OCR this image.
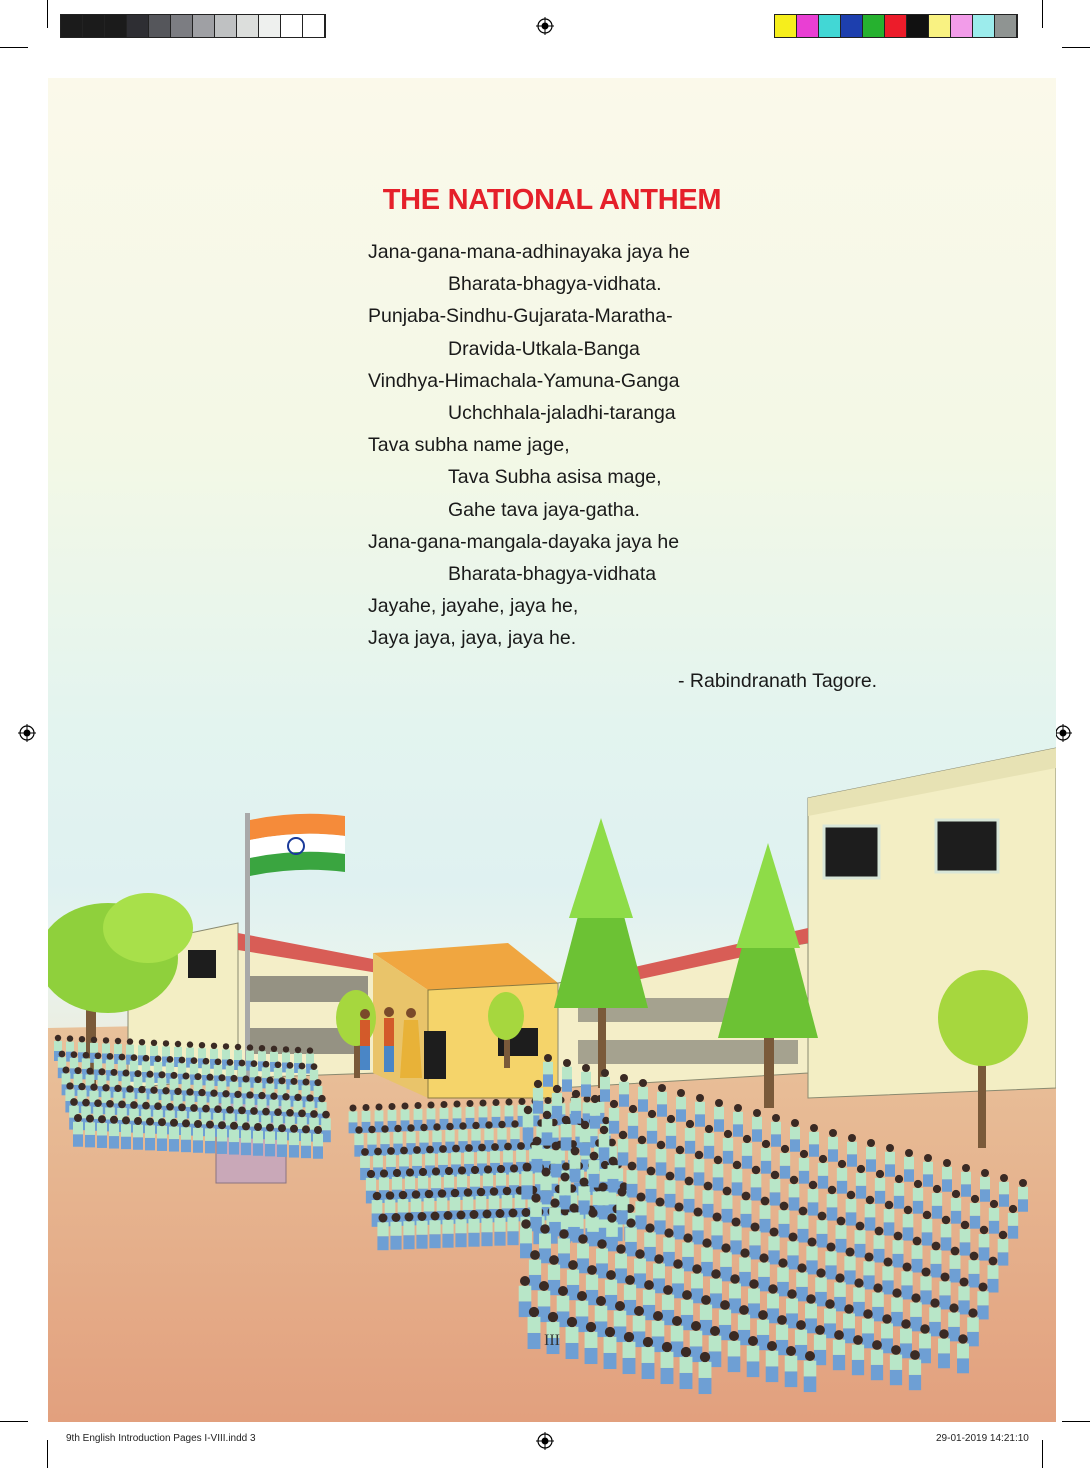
THE NATIONAL ANTHEM
Jana-gana-mana-adhinayaka jaya he
Bharata-bhagya-vidhata.
Punjaba-Sindhu-Gujarata-Maratha-
Dravida-Utkala-Banga
Vindhya-Himachala-Yamuna-Ganga
Uchchhala-jaladhi-taranga
Tava subha name jage,
Tava Subha asisa mage,
Gahe tava jaya-gatha.
Jana-gana-mangala-dayaka jaya he
Bharata-bhagya-vidhata
Jayahe, jayahe, jaya he,
Jaya jaya, jaya, jaya he.
- Rabindranath Tagore.
III
9th English Introduction Pages I-VIII.indd 3	29-01-2019 14:21:10
